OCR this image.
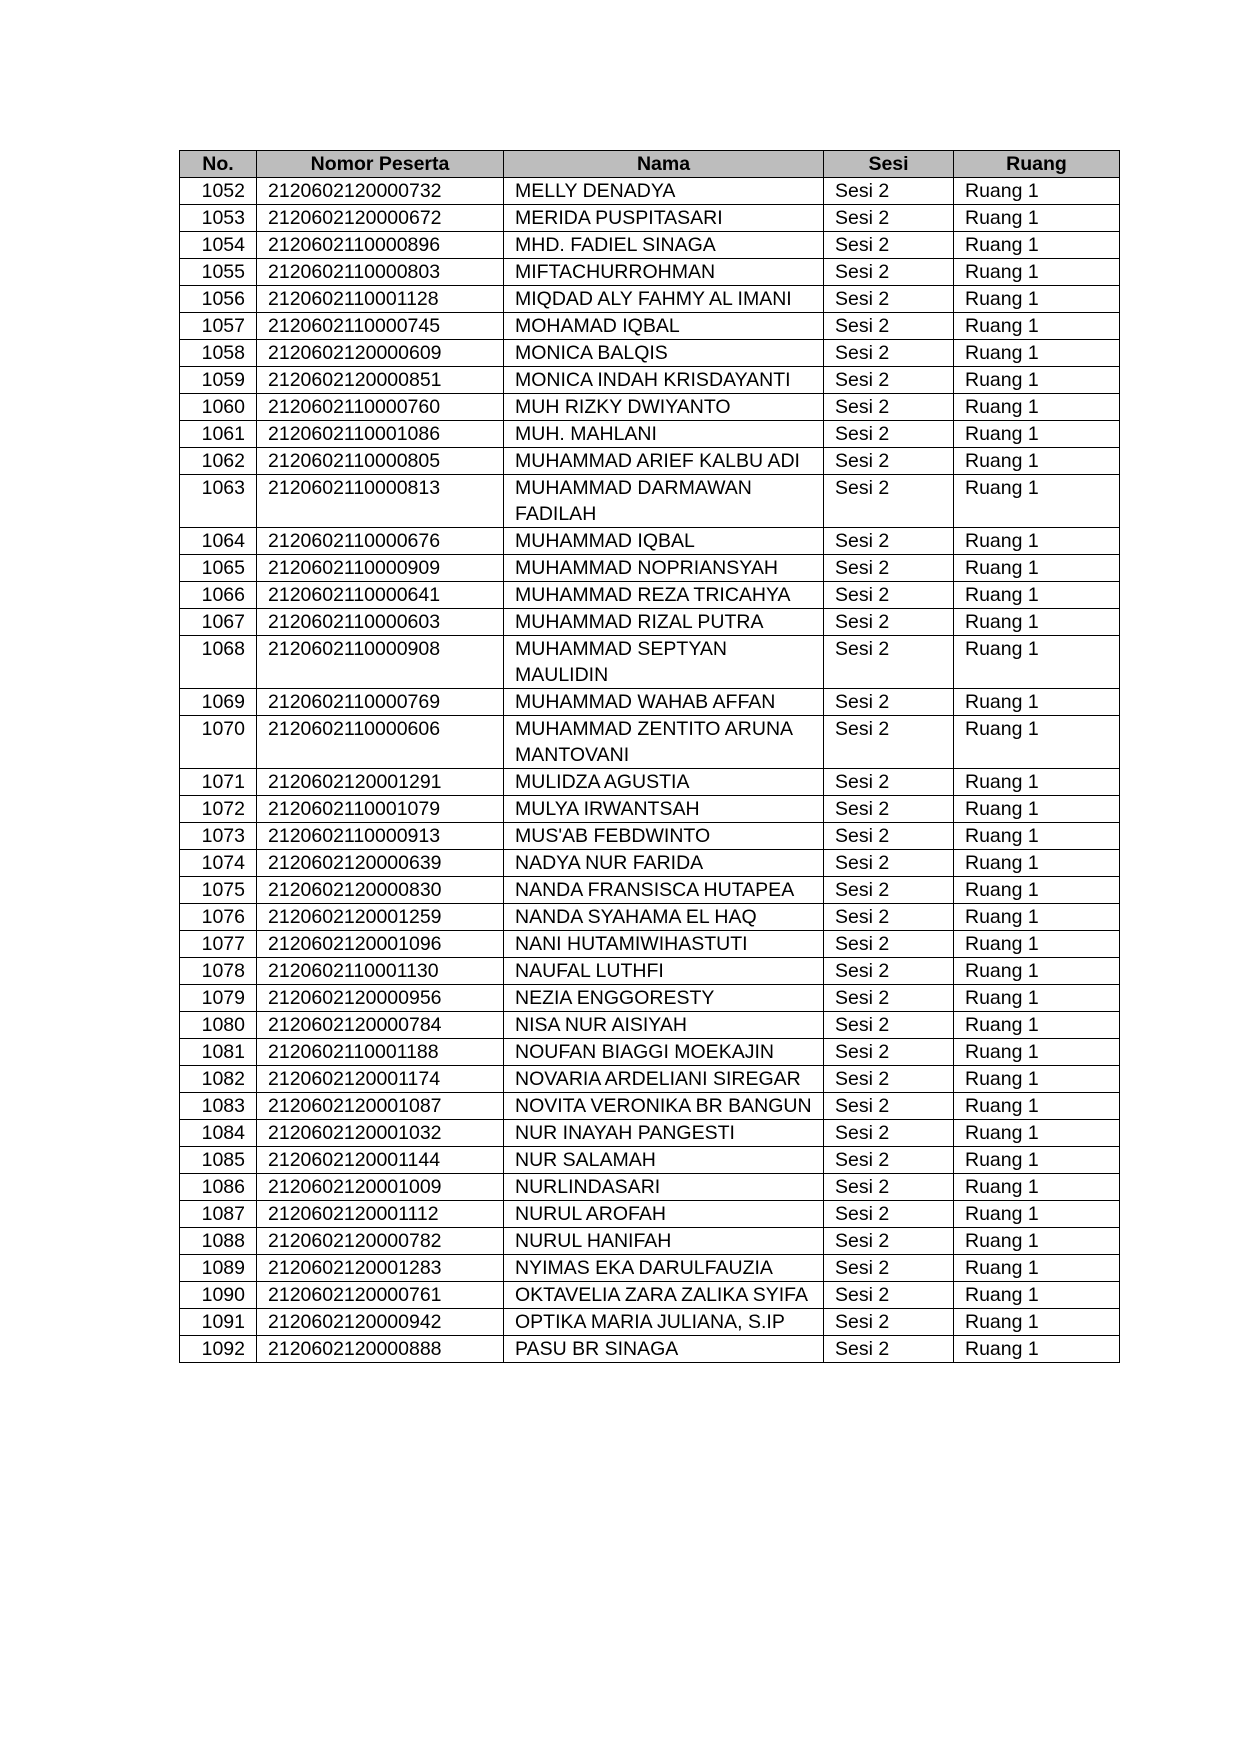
No.	Nomor Peserta	Nama	Sesi	Ruang
1052	2120602120000732	MELLY DENADYA	Sesi 2	Ruang 1
1053	2120602120000672	MERIDA PUSPITASARI	Sesi 2	Ruang 1
1054	2120602110000896	MHD. FADIEL SINAGA	Sesi 2	Ruang 1
1055	2120602110000803	MIFTACHURROHMAN	Sesi 2	Ruang 1
1056	2120602110001128	MIQDAD ALY FAHMY AL IMANI	Sesi 2	Ruang 1
1057	2120602110000745	MOHAMAD IQBAL	Sesi 2	Ruang 1
1058	2120602120000609	MONICA BALQIS	Sesi 2	Ruang 1
1059	2120602120000851	MONICA INDAH KRISDAYANTI	Sesi 2	Ruang 1
1060	2120602110000760	MUH RIZKY DWIYANTO	Sesi 2	Ruang 1
1061	2120602110001086	MUH. MAHLANI	Sesi 2	Ruang 1
1062	2120602110000805	MUHAMMAD ARIEF KALBU ADI	Sesi 2	Ruang 1
1063	2120602110000813	MUHAMMAD DARMAWAN FADILAH	Sesi 2	Ruang 1
1064	2120602110000676	MUHAMMAD IQBAL	Sesi 2	Ruang 1
1065	2120602110000909	MUHAMMAD NOPRIANSYAH	Sesi 2	Ruang 1
1066	2120602110000641	MUHAMMAD REZA TRICAHYA	Sesi 2	Ruang 1
1067	2120602110000603	MUHAMMAD RIZAL PUTRA	Sesi 2	Ruang 1
1068	2120602110000908	MUHAMMAD SEPTYAN MAULIDIN	Sesi 2	Ruang 1
1069	2120602110000769	MUHAMMAD WAHAB AFFAN	Sesi 2	Ruang 1
1070	2120602110000606	MUHAMMAD ZENTITO ARUNA MANTOVANI	Sesi 2	Ruang 1
1071	2120602120001291	MULIDZA AGUSTIA	Sesi 2	Ruang 1
1072	2120602110001079	MULYA IRWANTSAH	Sesi 2	Ruang 1
1073	2120602110000913	MUS'AB FEBDWINTO	Sesi 2	Ruang 1
1074	2120602120000639	NADYA NUR FARIDA	Sesi 2	Ruang 1
1075	2120602120000830	NANDA FRANSISCA HUTAPEA	Sesi 2	Ruang 1
1076	2120602120001259	NANDA SYAHAMA EL HAQ	Sesi 2	Ruang 1
1077	2120602120001096	NANI HUTAMIWIHASTUTI	Sesi 2	Ruang 1
1078	2120602110001130	NAUFAL LUTHFI	Sesi 2	Ruang 1
1079	2120602120000956	NEZIA ENGGORESTY	Sesi 2	Ruang 1
1080	2120602120000784	NISA NUR AISIYAH	Sesi 2	Ruang 1
1081	2120602110001188	NOUFAN BIAGGI MOEKAJIN	Sesi 2	Ruang 1
1082	2120602120001174	NOVARIA ARDELIANI SIREGAR	Sesi 2	Ruang 1
1083	2120602120001087	NOVITA VERONIKA BR BANGUN	Sesi 2	Ruang 1
1084	2120602120001032	NUR INAYAH PANGESTI	Sesi 2	Ruang 1
1085	2120602120001144	NUR SALAMAH	Sesi 2	Ruang 1
1086	2120602120001009	NURLINDASARI	Sesi 2	Ruang 1
1087	2120602120001112	NURUL AROFAH	Sesi 2	Ruang 1
1088	2120602120000782	NURUL HANIFAH	Sesi 2	Ruang 1
1089	2120602120001283	NYIMAS EKA DARULFAUZIA	Sesi 2	Ruang 1
1090	2120602120000761	OKTAVELIA ZARA ZALIKA SYIFA	Sesi 2	Ruang 1
1091	2120602120000942	OPTIKA MARIA JULIANA, S.IP	Sesi 2	Ruang 1
1092	2120602120000888	PASU BR SINAGA	Sesi 2	Ruang 1
